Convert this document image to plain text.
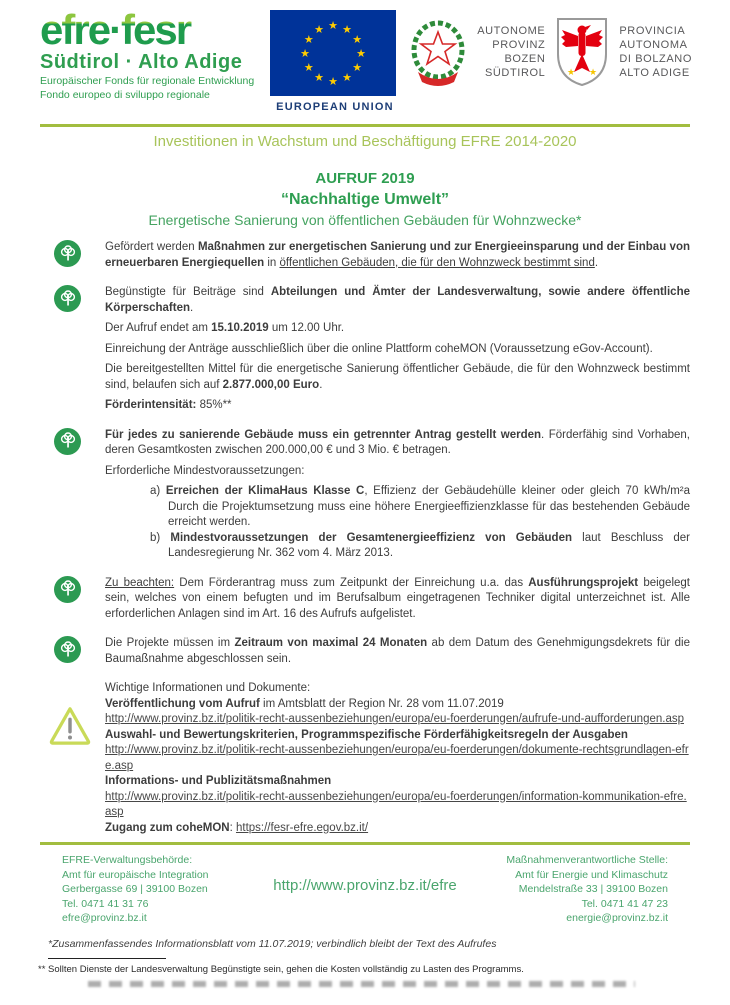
efre·fesr
Südtirol · Alto Adige
Europäischer Fonds für regionale Entwicklung
Fondo europeo di sviluppo regionale
★ ★
★
★
★
★
★
★
★
★
★
★
EUROPEAN UNION
AUTONOME
PROVINZ
BOZEN
SÜDTIROL ★ ★
PROVINCIA
AUTONOMA
DI BOLZANO
ALTO ADIGE
Investitionen in Wachstum und Beschäftigung EFRE 2014-2020
AUFRUF 2019
“Nachhaltige Umwelt”
Energetische Sanierung von öffentlichen Gebäuden für Wohnzwecke*

Gefördert werden Maßnahmen zur energetischen Sanierung und zur Energieeinsparung und der Einbau von erneuerbaren Energiequellen in öffentlichen Gebäuden, die für den Wohnzweck bestimmt sind.

Begünstigte für Beiträge sind Abteilungen und Ämter der Landesverwaltung, sowie andere öffentliche Körperschaften.

Der Aufruf endet am 15.10.2019 um 12.00 Uhr.

Einreichung der Anträge ausschließlich über die online Plattform coheMON (Voraussetzung eGov-Account).

Die bereitgestellten Mittel für die energetische Sanierung öffentlicher Gebäude, die für den Wohnzweck bestimmt sind, belaufen sich auf 2.877.000,00 Euro.

Förderintensität: 85%**

Für jedes zu sanierende Gebäude muss ein getrennter Antrag gestellt werden. Förderfähig sind Vorhaben, deren Gesamtkosten zwischen 200.000,00 € und 3 Mio. € betragen.

Erforderliche Mindestvoraussetzungen:

a) Erreichen der KlimaHaus Klasse C, Effizienz der Gebäudehülle kleiner oder gleich 70 kWh/m²a Durch die Projektumsetzung muss eine höhere Energieeffizienzklasse für das bestehenden Gebäude erreicht werden.

b) Mindestvoraussetzungen der Gesamtenergieeffizienz von Gebäuden laut Beschluss der Landesregierung Nr. 362 vom 4. März 2013.

Zu beachten: Dem Förderantrag muss zum Zeitpunkt der Einreichung u.a. das Ausführungsprojekt beigelegt sein, welches von einem befugten und im Berufsalbum eingetragenen Techniker digital unterzeichnet ist. Alle erforderlichen Anlagen sind im Art. 16 des Aufrufs aufgelistet.

Die Projekte müssen im Zeitraum von maximal 24 Monaten ab dem Datum des Genehmigungsdekrets für die Baumaßnahme abgeschlossen sein.

Wichtige Informationen und Dokumente:

Veröffentlichung vom Aufruf im Amtsblatt der Region Nr. 28 vom 11.07.2019

http://www.provinz.bz.it/politik-recht-aussenbeziehungen/europa/eu-foerderungen/aufrufe-und-aufforderungen.asp

Auswahl- und Bewertungskriterien, Programmspezifische Förderfähigkeitsregeln der Ausgaben

http://www.provinz.bz.it/politik-recht-aussenbeziehungen/europa/eu-foerderungen/dokumente-rechtsgrundlagen-efre.asp

Informations- und Publizitätsmaßnahmen

http://www.provinz.bz.it/politik-recht-aussenbeziehungen/europa/eu-foerderungen/information-kommunikation-efre.asp

Zugang zum coheMON: https://fesr-efre.egov.bz.it/

EFRE-Verwaltungsbehörde:
Amt für europäische Integration
Gerbergasse 69 | 39100 Bozen
Tel. 0471 41 31 76
efre@provinz.bz.it
http://www.provinz.bz.it/efre
Maßnahmenverantwortliche Stelle:
Amt für Energie und Klimaschutz
Mendelstraße 33 | 39100 Bozen
Tel. 0471 41 47 23
energie@provinz.bz.it
*Zusammenfassendes Informationsblatt vom 11.07.2019; verbindlich bleibt der Text des Aufrufes
** Sollten Dienste der Landesverwaltung Begünstigte sein, gehen die Kosten vollständig zu Lasten des Programms.
